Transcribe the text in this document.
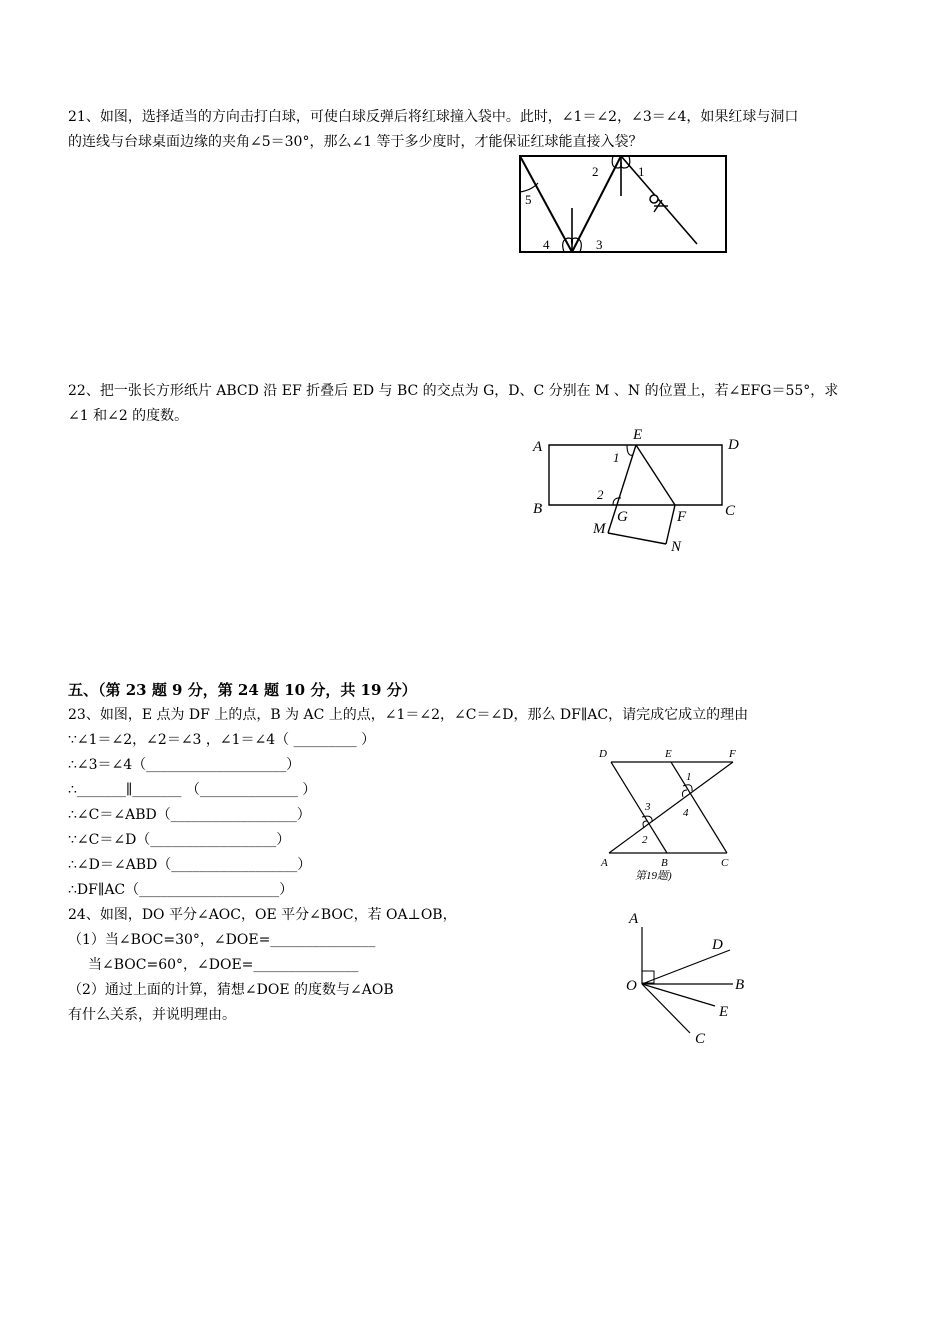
21、如图，选择适当的方向击打白球，可使白球反弹后将红球撞入袋中。此时，∠1＝∠2，∠3＝∠4，如果红球与洞口
的连线与台球桌面边缘的夹角∠5＝30°，那么∠1 等于多少度时，才能保证红球能直接入袋？
1
2
3
4
5
22、把一张长方形纸片 ABCD 沿 EF 折叠后 ED 与 BC 的交点为 G，D、C 分别在 M 、N 的位置上，若∠EFG＝55°，求
∠1 和∠2 的度数。
A
B	C
D
E
F
G
M
N
1
2
五、（第 23 题 9 分，第 24 题 10 分，共 19 分）
23、如图，E 点为 DF 上的点，B 为 AC 上的点，∠1＝∠2，∠C＝∠D，那么 DF∥AC，请完成它成立的理由
∵∠1＝∠2，∠2＝∠3 ，∠1＝∠4（ _________ ）
∴∠3＝∠4（____________________）
∴_______∥_______ （______________ ）
∴∠C＝∠ABD（__________________）
∵∠C＝∠D（__________________）
∴∠D＝∠ABD（__________________）
∴DF∥AC（____________________）
D	E	F
A	B	C
1
2
3	4
第19题)
24、如图，DO 平分∠AOC，OE 平分∠BOC，若 OA⊥OB，
（1）当∠BOC=30°，∠DOE=_______________
当∠BOC=60°，∠DOE=_______________
（2）通过上面的计算，猜想∠DOE 的度数与∠AOB
有什么关系，并说明理由。
A
O	B
D
E
C
